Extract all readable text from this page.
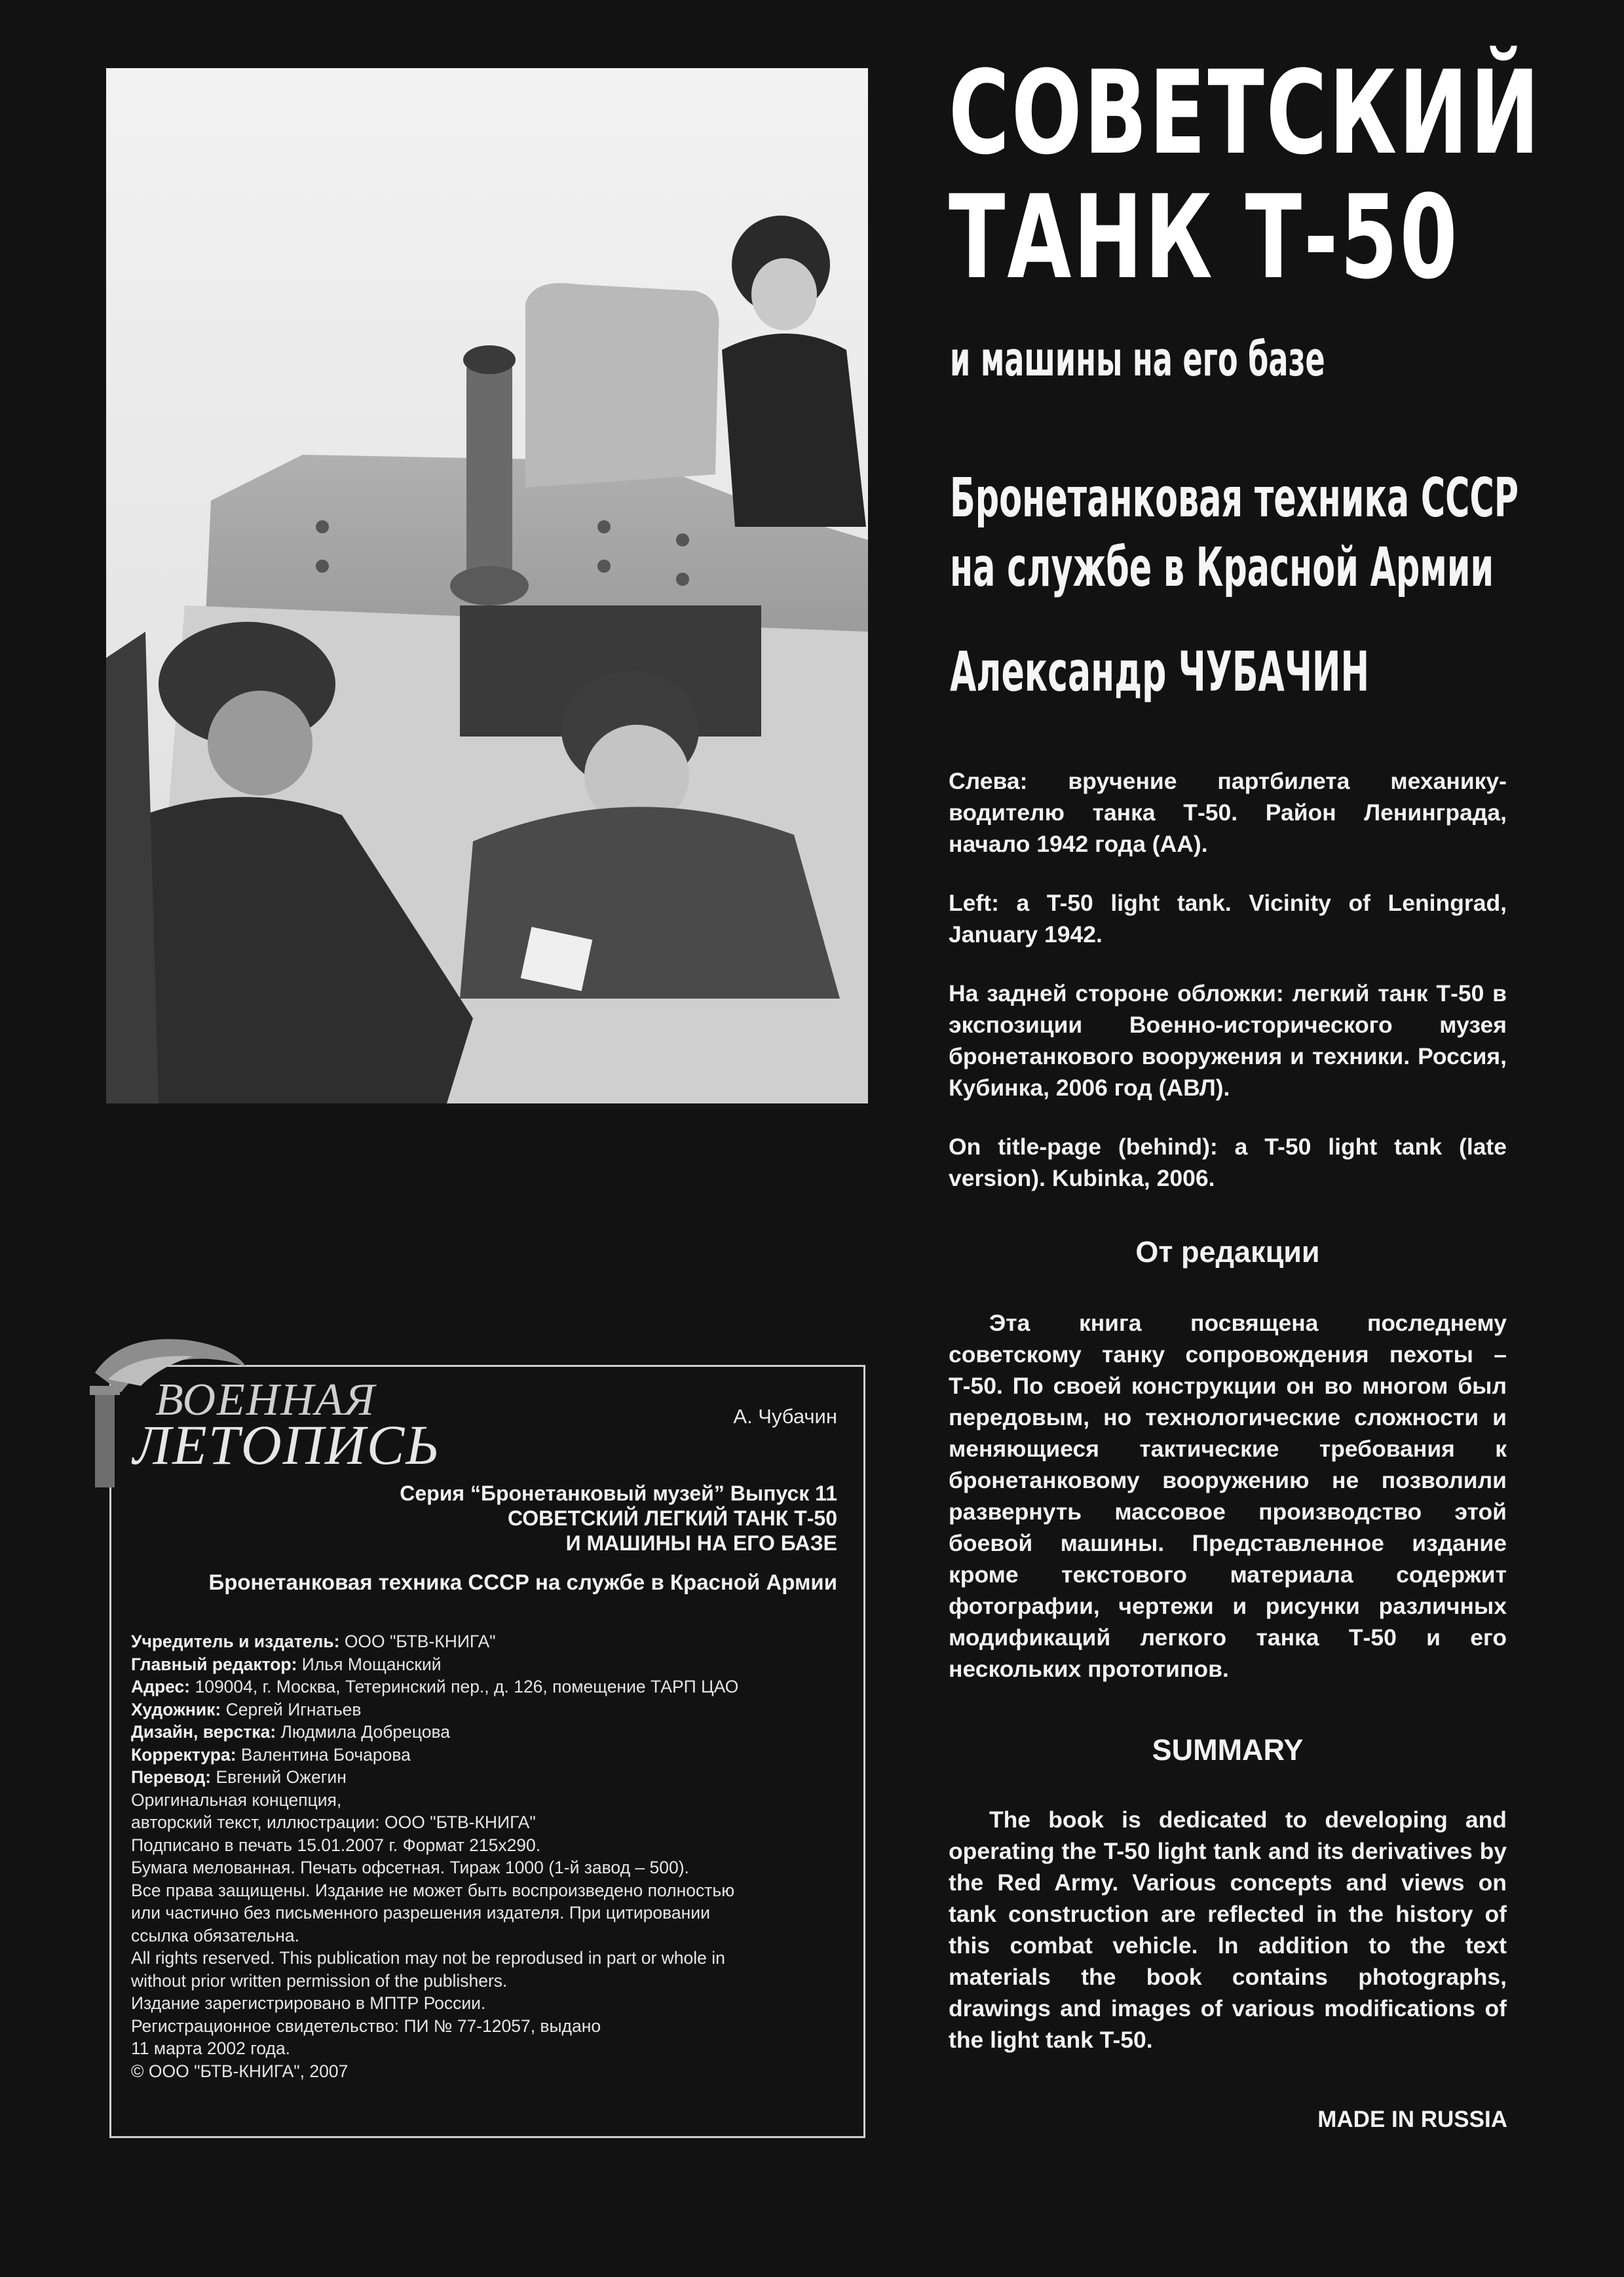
СОВЕТСКИЙ
ТАНК Т-50
и машины на его базе
Бронетанковая техника СССР
на службе в Красной Армии
Александр ЧУБАЧИН

Слева: вручение партбилета механику-водителю танка Т-50. Район Ленинграда, начало 1942 года (АА).

Left: a T-50 light tank. Vicinity of Leningrad, January 1942.

На задней стороне обложки: легкий танк Т-50 в экспозиции Военно-исторического музея бронетанкового вооружения и техники. Россия, Кубинка, 2006 год (АВЛ).

On title-page (behind): a T-50 light tank (late version). Kubinka, 2006.

От редакции

Эта книга посвящена последнему советскому танку сопровождения пехоты – Т-50. По своей конструкции он во многом был передовым, но технологические сложности и меняющиеся тактические требования к бронетанковому вооружению не позволили развернуть массовое производство этой боевой машины. Представленное издание кроме текстового материала содержит фотографии, чертежи и рисунки различных модификаций легкого танка Т-50 и его нескольких прототипов.

SUMMARY

The book is dedicated to developing and operating the T-50 light tank and its derivatives by the Red Army. Various concepts and views on tank construction are reflected in the history of this combat vehicle. In addition to the text materials the book contains photographs, drawings and images of various modifications of the light tank T-50.

MADE IN RUSSIA
А. Чубачин
Серия “Бронетанковый музей” Выпуск 11
СОВЕТСКИЙ ЛЕГКИЙ ТАНК Т-50
И МАШИНЫ НА ЕГО БАЗЕ
Бронетанковая техника СССР на службе в Красной Армии
Учредитель и издатель: ООО "БТВ-КНИГА"
Главный редактор: Илья Мощанский
Адрес: 109004, г. Москва, Тетеринский пер., д. 126, помещение ТАРП ЦАО
Художник: Сергей Игнатьев
Дизайн, верстка: Людмила Добрецова
Корректура: Валентина Бочарова
Перевод: Евгений Ожегин
Оригинальная концепция,
авторский текст, иллюстрации: ООО "БТВ-КНИГА"
Подписано в печать 15.01.2007 г. Формат 215х290.
Бумага мелованная. Печать офсетная. Тираж 1000 (1-й завод – 500).
Все права защищены. Издание не может быть воспроизведено полностью
или частично без письменного разрешения издателя. При цитировании
ссылка обязательна.
All rights reserved. This publication may not be reprodused in part or whole in
without prior written permission of the publishers.
Издание зарегистрировано в МПТР России.
Регистрационное свидетельство: ПИ № 77-12057, выдано
11 марта 2002 года.
© ООО "БТВ-КНИГА", 2007
ВОЕННАЯ
ЛЕТОПИСЬ
